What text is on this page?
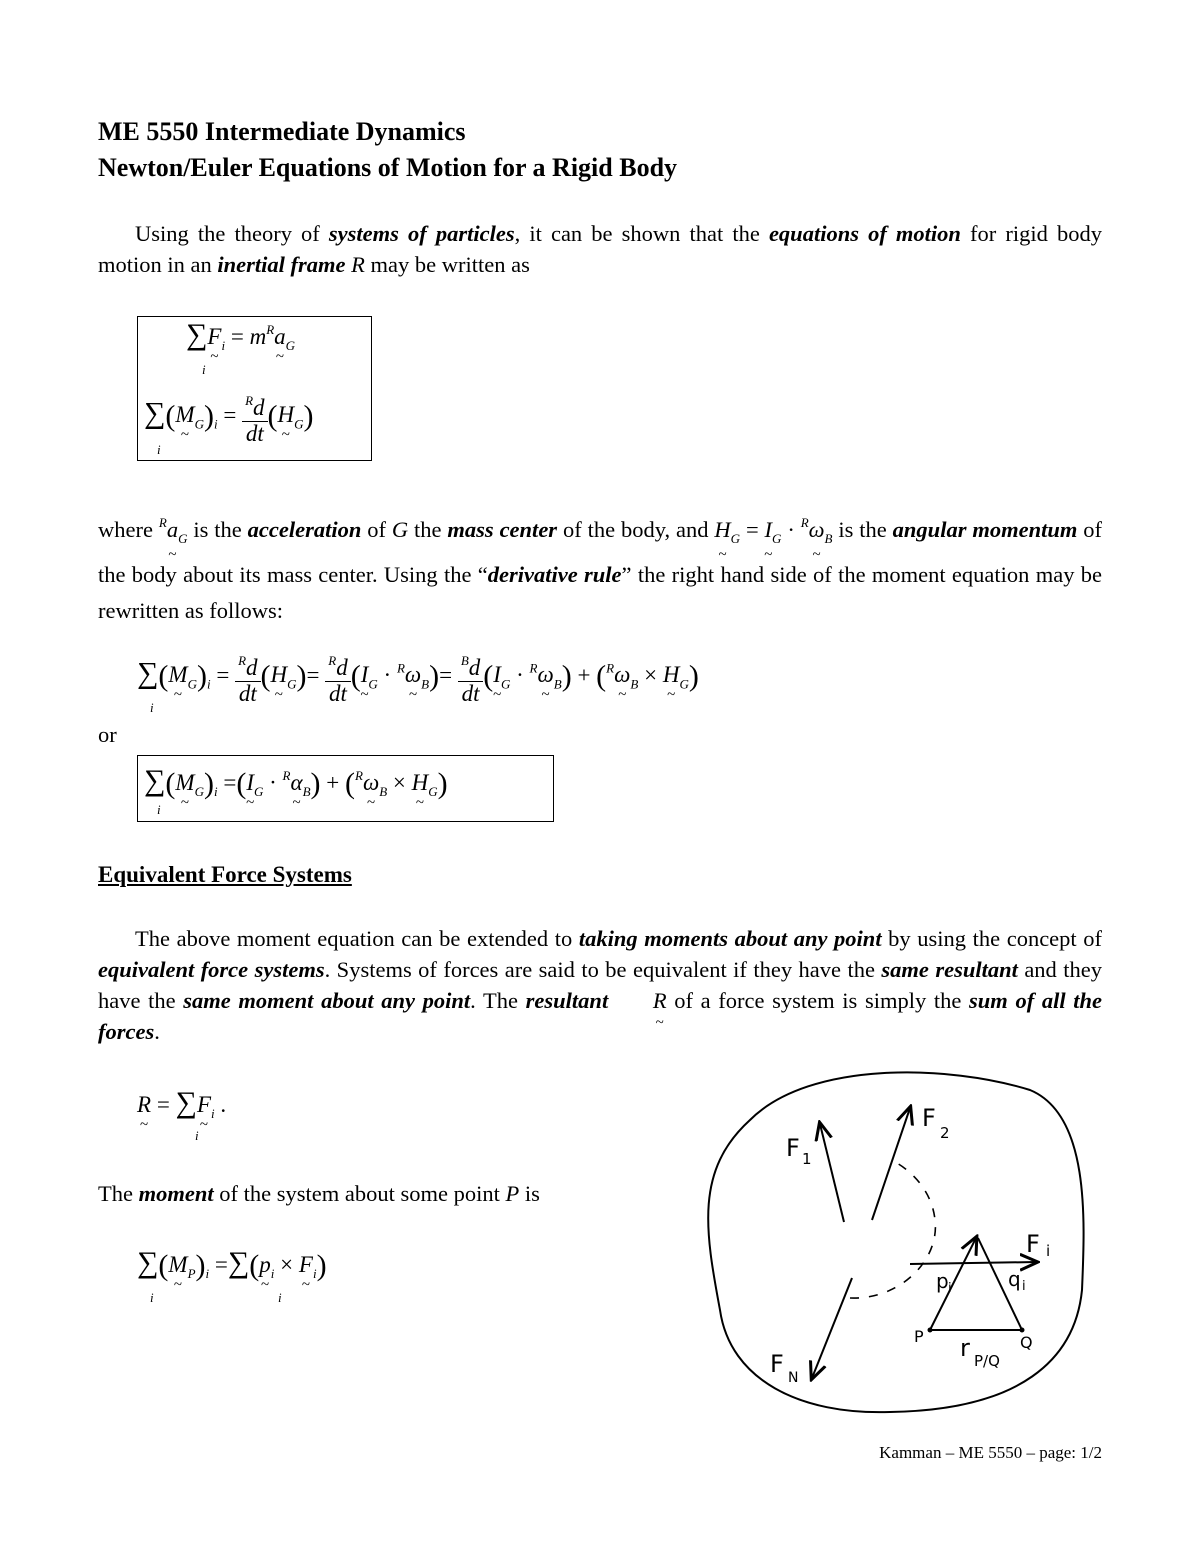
ME 5550 Intermediate Dynamics
Newton/Euler Equations of Motion for a Rigid Body
Using the theory of systems of particles, it can be shown that the equations of motion for rigid body motion in an inertial frame R may be written as
∑F $\sim_i = m^Ra$ $\sim_G$
i
∑(M $\sim_G)_i = \frac{^Rd}{dt} (H$ $\sim_G$)
i
where $^R$a $\sim_G$ is the acceleration of G the mass center of the body, and H $\sim_G = I$ $\sim_G \cdot ^R\omega$ $\sim_B$ is the angular momentum of the body about its mass center. Using the “derivative rule” the right hand side of the moment equation may be rewritten as follows:
∑(M $\sim_G)_i = \frac{^Rd}{dt} (H$ $\sim_G)= \frac{^Rd}{dt} (I$ $\sim_G \cdot ^R\omega$ $\sim_B)= \frac{^Bd}{dt} (I$ $\sim_G \cdot ^R\omega$ $\sim_B) + (^R\omega$ $\sim_B \times H$ $\sim_G$)
i
or
∑(M $\sim_G)_i =(I$ $\sim_G \cdot ^R\alpha$ $\sim_B) + (^R\omega$ $\sim_B \times H$ $\sim_G$)
i
Equivalent Force Systems
The above moment equation can be extended to taking moments about any point by using the concept of equivalent force systems. Systems of forces are said to be equivalent if they have the same resultant and they have the same moment about any point. The resultant R ~ of a force system is simply the sum of all the forces.
R ~ = ∑F $\sim_i$ .
i
The moment of the system about some point P is
∑(M $\sim_P)_i =\sum(p$ $\sim_i \times F$ $\sim_i$)
i	i
F 1
F
2
F i
F N
p i	q i
P	Q
r P/Q
Kamman – ME 5550 – page: 1/2
